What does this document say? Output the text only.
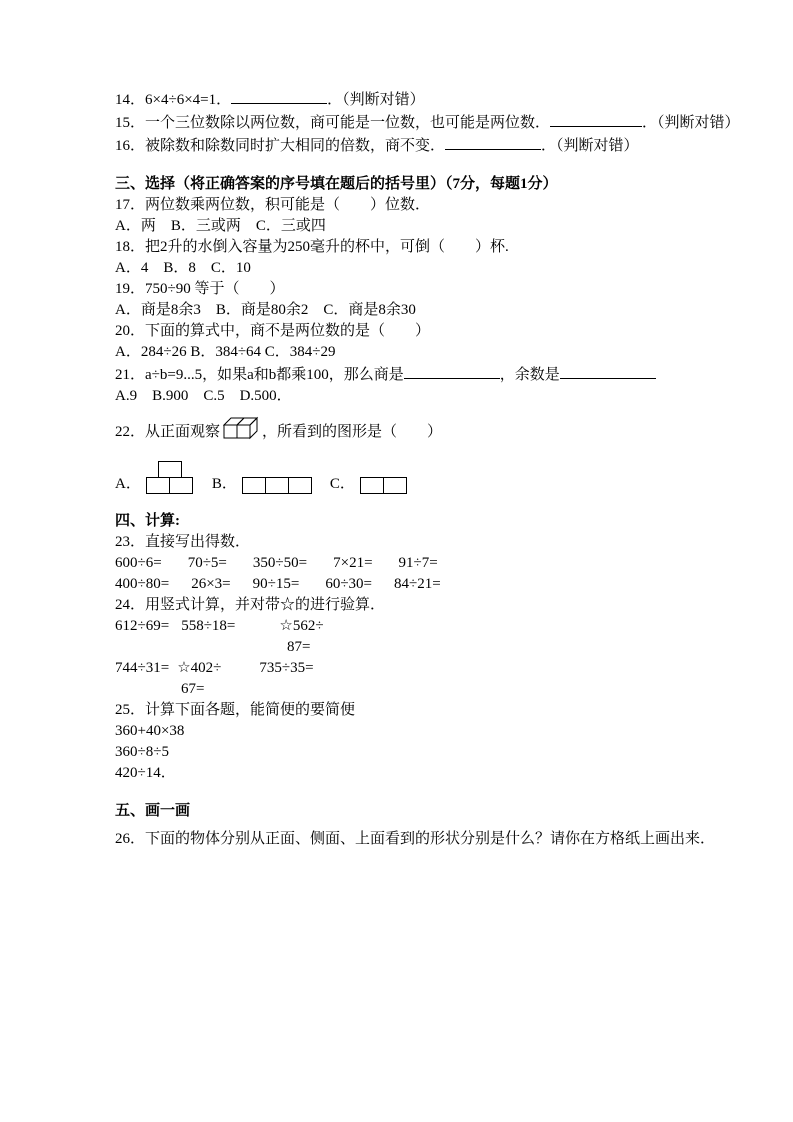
14．6×4÷6×4=1．	．（判断对错）
15．一个三位数除以两位数，商可能是一位数，也可能是两位数．	．（判断对错）
16．被除数和除数同时扩大相同的倍数，商不变．	．（判断对错）
三、选择（将正确答案的序号填在题后的括号里）（7分，每题1分）
17．两位数乘两位数，积可能是（　　）位数．
A．两　B．三或两　C．三或四
18．把2升的水倒入容量为250毫升的杯中，可倒（　　）杯.
A．4　B．8　C．10
19．750÷90 等于（　　）
A．商是8余3　B．商是80余2　C．商是8余30
20．下面的算式中，商不是两位数的是（　　）
A．284÷26 B．384÷64 C．384÷29
21．a÷b=9...5，如果a和b都乘100，那么商是	，余数是
A.9　B.900　C.5　D.500．
22．从正面观察	，所看到的图形是（　　）
A．	B．	C．
四、计算:
23．直接写出得数．
600÷6= 70÷5= 350÷50= 7×21= 91÷7=
400÷80= 26×3= 90÷15= 60÷30= 84÷21=
24．用竖式计算，并对带☆的进行验算．
612÷69= 558÷18=	☆562÷
87=
744÷31= ☆402÷	735÷35=
67=
25．计算下面各题，能简便的要简便
360+40×38
360÷8÷5
420÷14．
五、画一画
26．下面的物体分别从正面、侧面、上面看到的形状分别是什么？请你在方格纸上画出来．
